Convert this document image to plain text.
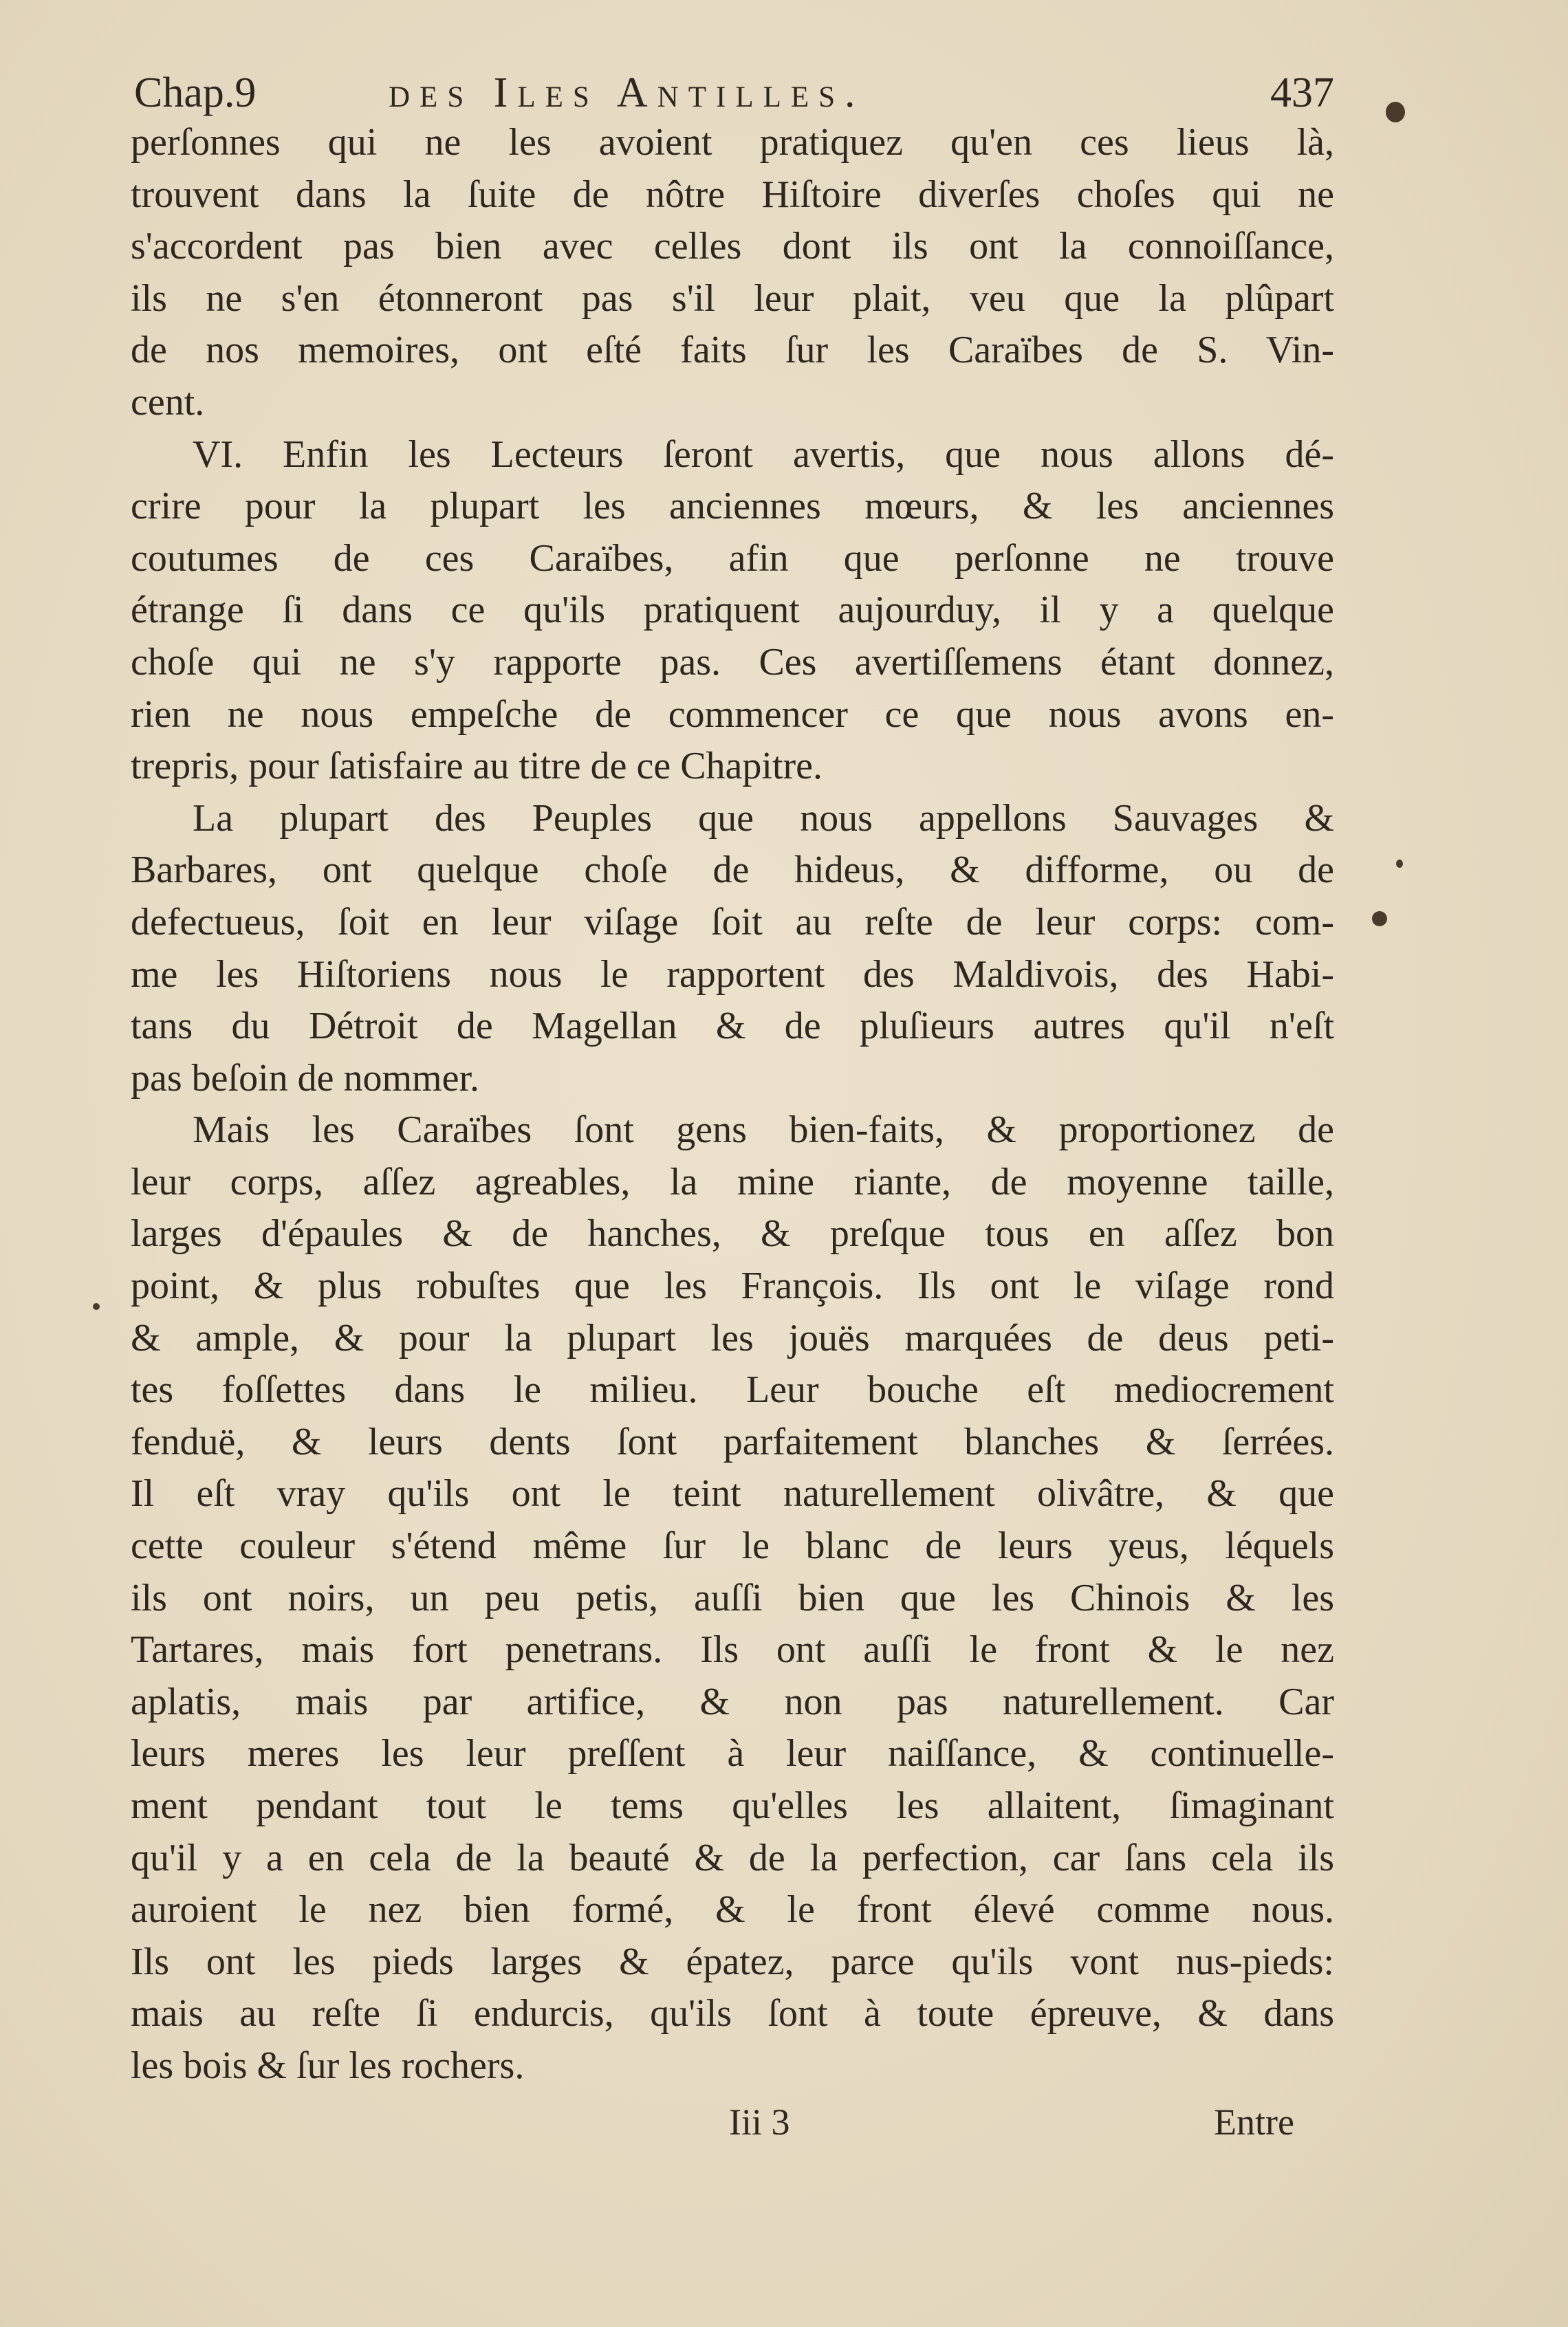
Chap.9	des Iles Antilles.	437
perſonnes qui ne les avoient pratiquez qu'en ces lieus là,
trouvent dans la ſuite de nôtre Hiſtoire diverſes choſes qui ne
s'accordent pas bien avec celles dont ils ont la connoiſſance,
ils ne s'en étonneront pas s'il leur plait, veu que la plûpart
de nos memoires, ont eſté faits ſur les Caraïbes de S. Vin-
cent.
VI. Enfin les Lecteurs ſeront avertis, que nous allons dé-
crire pour la plupart les anciennes mœurs, & les anciennes
coutumes de ces Caraïbes, afin que perſonne ne trouve
étrange ſi dans ce qu'ils pratiquent aujourduy, il y a quelque
choſe qui ne s'y rapporte pas. Ces avertiſſemens étant donnez,
rien ne nous empeſche de commencer ce que nous avons en-
trepris, pour ſatisfaire au titre de ce Chapitre.
La plupart des Peuples que nous appellons Sauvages &
Barbares, ont quelque choſe de hideus, & difforme, ou de
defectueus, ſoit en leur viſage ſoit au reſte de leur corps: com-
me les Hiſtoriens nous le rapportent des Maldivois, des Habi-
tans du Détroit de Magellan & de pluſieurs autres qu'il n'eſt
pas beſoin de nommer.
Mais les Caraïbes ſont gens bien-faits, & proportionez de
leur corps, aſſez agreables, la mine riante, de moyenne taille,
larges d'épaules & de hanches, & preſque tous en aſſez bon
point, & plus robuſtes que les François. Ils ont le viſage rond
& ample, & pour la plupart les jouës marquées de deus peti-
tes foſſettes dans le milieu. Leur bouche eſt mediocrement
fenduë, & leurs dents ſont parfaitement blanches & ſerrées.
Il eſt vray qu'ils ont le teint naturellement olivâtre, & que
cette couleur s'étend même ſur le blanc de leurs yeus, léquels
ils ont noirs, un peu petis, auſſi bien que les Chinois & les
Tartares, mais fort penetrans. Ils ont auſſi le front & le nez
aplatis, mais par artifice, & non pas naturellement. Car
leurs meres les leur preſſent à leur naiſſance, & continuelle-
ment pendant tout le tems qu'elles les allaitent, ſimaginant
qu'il y a en cela de la beauté & de la perfection, car ſans cela ils
auroient le nez bien formé, & le front élevé comme nous.
Ils ont les pieds larges & épatez, parce qu'ils vont nus-pieds:
mais au reſte ſi endurcis, qu'ils ſont à toute épreuve, & dans
les bois & ſur les rochers.
Iii 3	Entre
